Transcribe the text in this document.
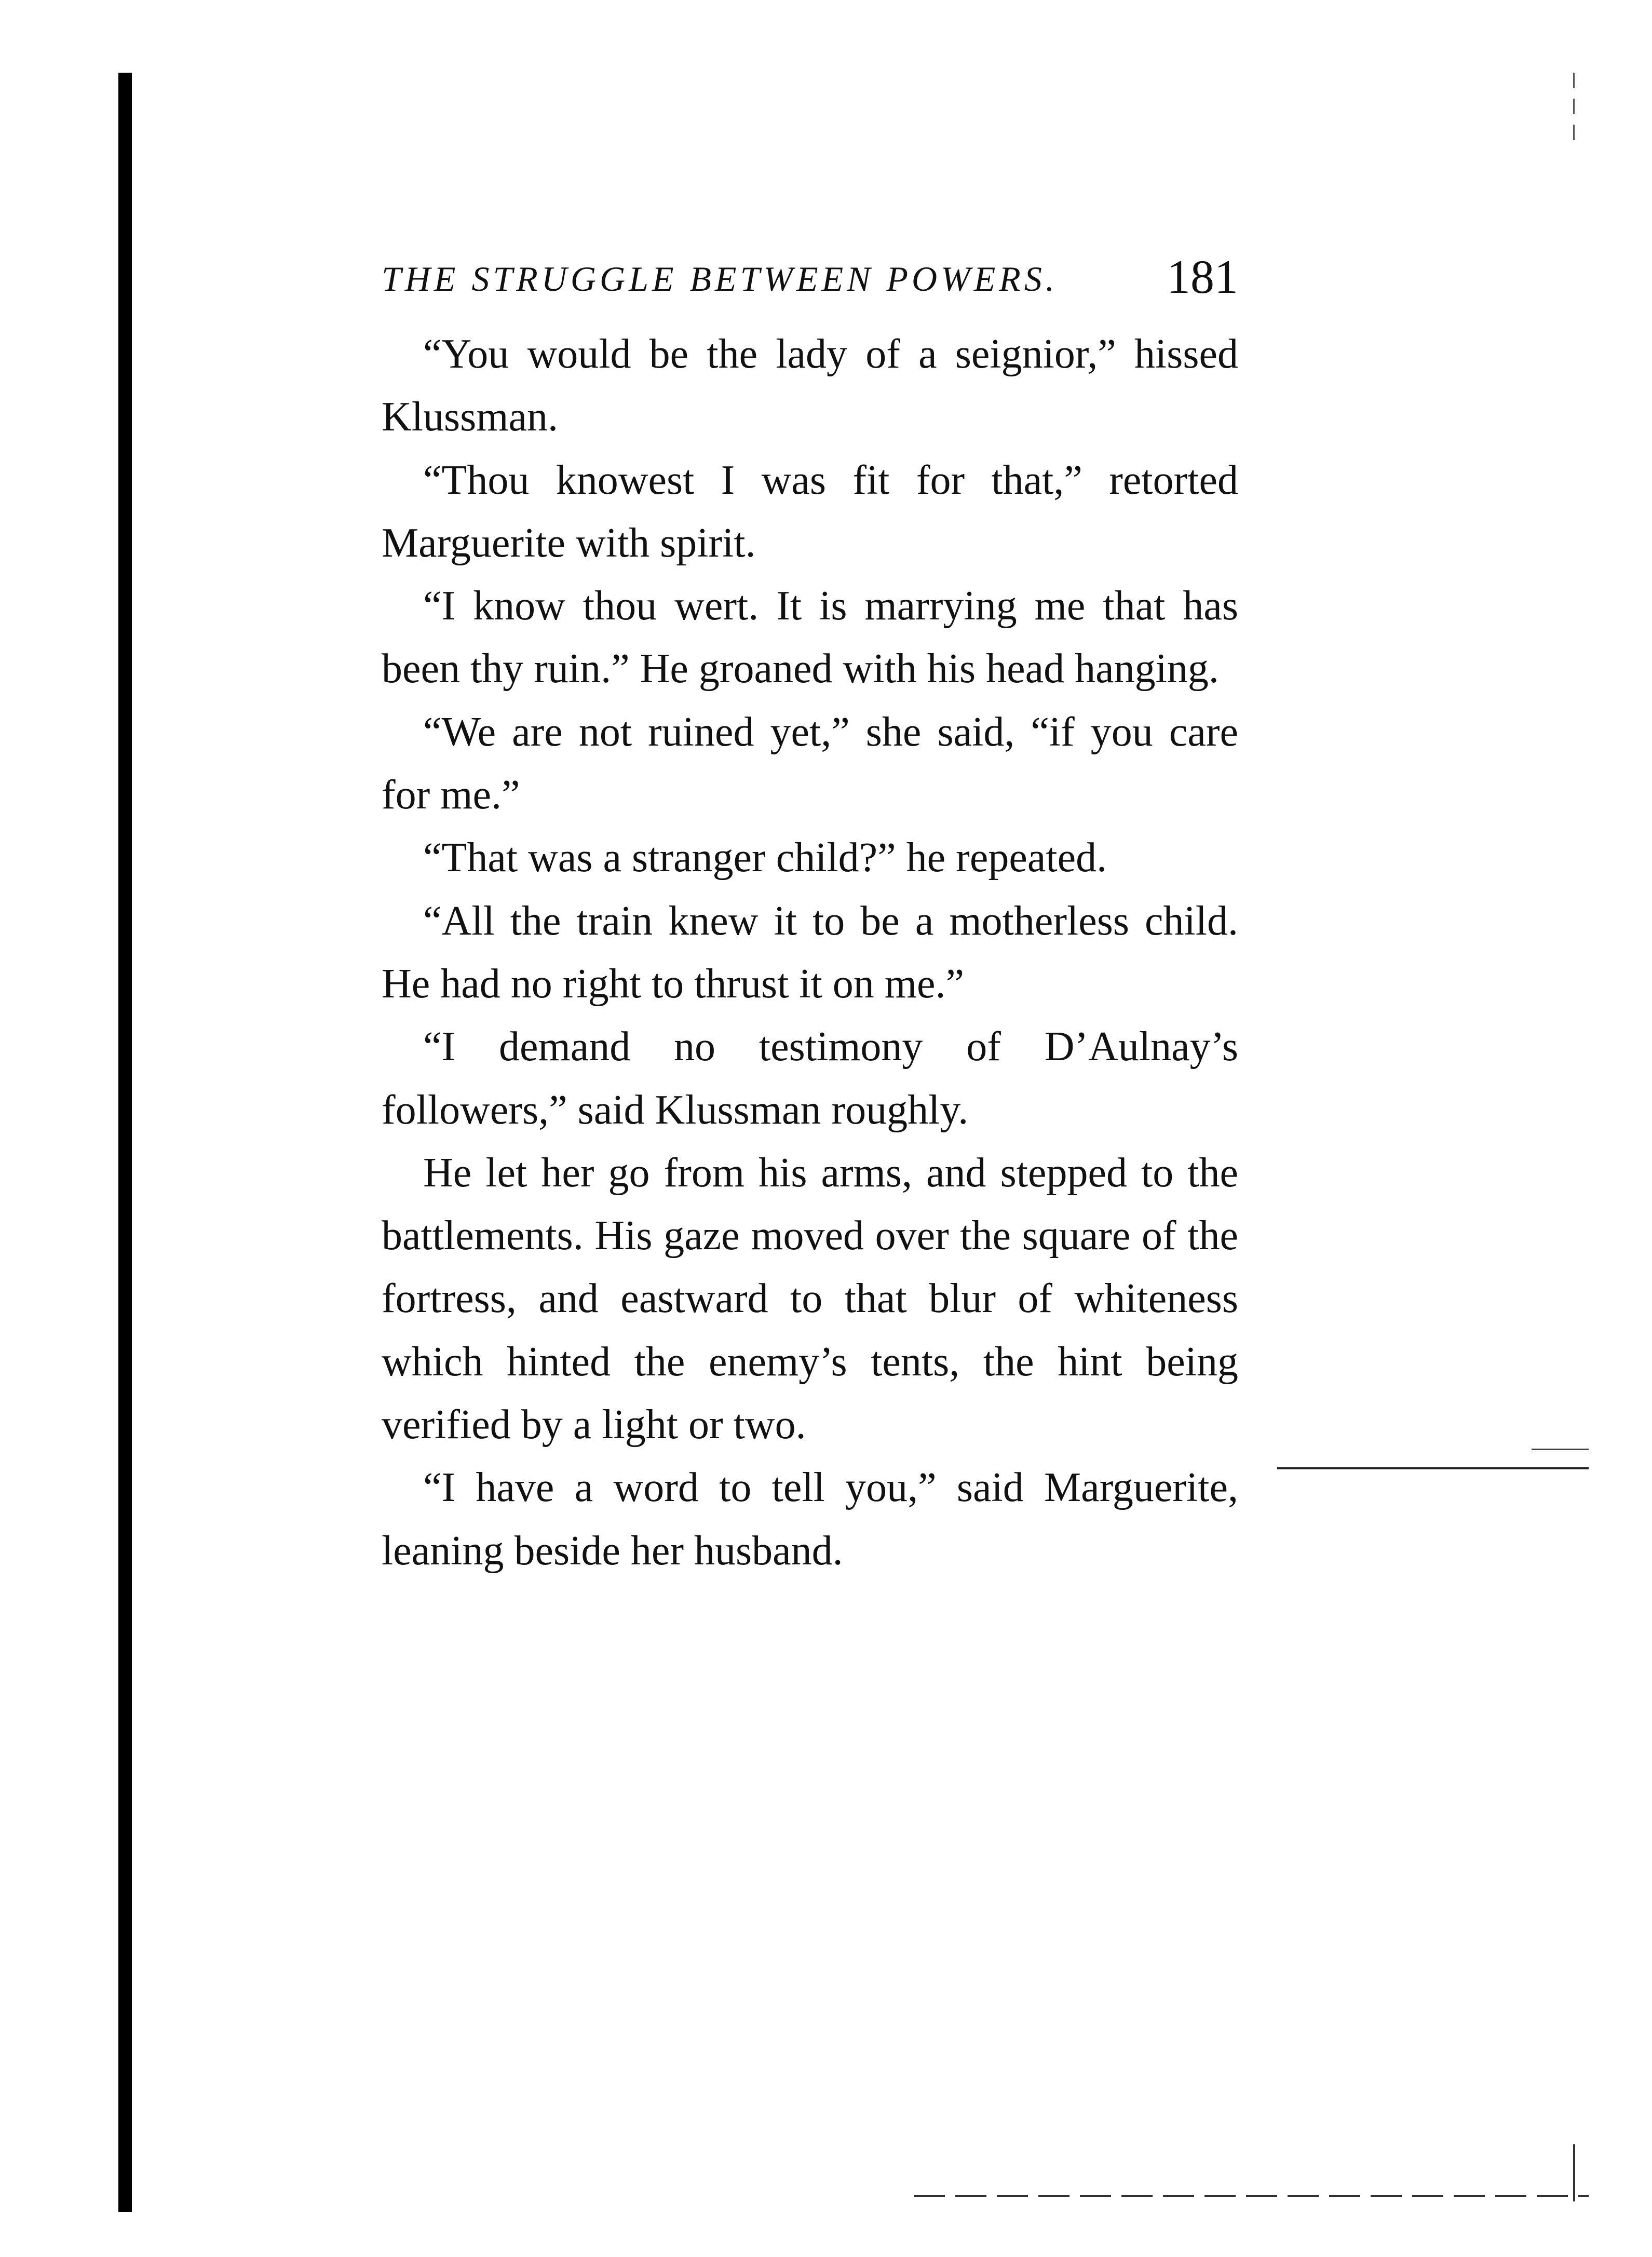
THE STRUGGLE BETWEEN POWERS. 181

“You would be the lady of a seignior,” hissed Klussman.

“Thou knowest I was fit for that,” retorted Marguerite with spirit.

“I know thou wert. It is marrying me that has been thy ruin.” He groaned with his head hanging.

“We are not ruined yet,” she said, “if you care for me.”

“That was a stranger child?” he repeated.

“All the train knew it to be a motherless child. He had no right to thrust it on me.”

“I demand no testimony of D’Aulnay’s followers,” said Klussman roughly.

He let her go from his arms, and stepped to the battlements. His gaze moved over the square of the fortress, and eastward to that blur of whiteness which hinted the enemy’s tents, the hint being verified by a light or two.

“I have a word to tell you,” said Marguerite, leaning beside her husband.
